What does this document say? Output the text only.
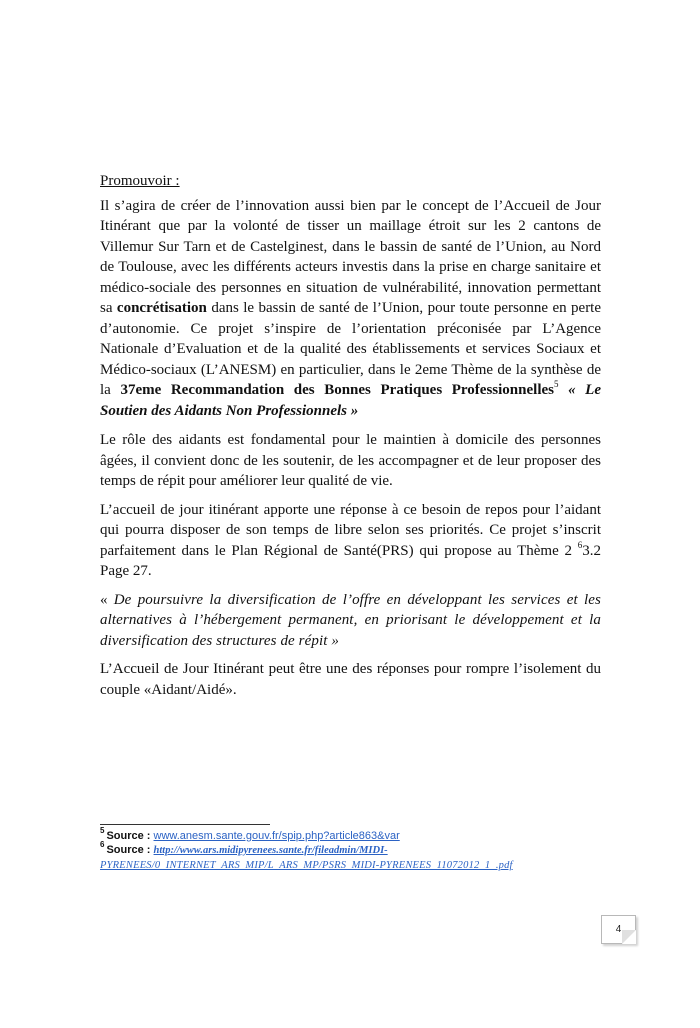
Promouvoir :

Il s’agira de créer de l’innovation aussi bien par le concept de l’Accueil de Jour Itinérant que par la volonté de tisser un maillage étroit sur les 2 cantons de Villemur Sur Tarn et de Castelginest, dans le bassin de santé de l’Union, au Nord de Toulouse, avec les différents acteurs investis dans la prise en charge sanitaire et médico-sociale des personnes en situation de vulnérabilité, innovation permettant sa concrétisation dans le bassin de santé de l’Union, pour toute personne en perte d’autonomie. Ce projet s’inspire de l’orientation préconisée par L’Agence Nationale d’Evaluation et de la qualité des établissements et services Sociaux et Médico-sociaux (L’ANESM) en particulier, dans le 2eme Thème de la synthèse de la 37eme Recommandation des Bonnes Pratiques Professionnelles$^5$ « Le Soutien des Aidants Non Professionnels »

Le rôle des aidants est fondamental pour le maintien à domicile des personnes âgées, il convient donc de les soutenir, de les accompagner et de leur proposer des temps de répit pour améliorer leur qualité de vie.

L’accueil de jour itinérant apporte une réponse à ce besoin de repos pour l’aidant qui pourra disposer de son temps de libre selon ses priorités. Ce projet s’inscrit parfaitement dans le Plan Régional de Santé(PRS) qui propose au Thème 2 $^6$3.2 Page 27.

« De poursuivre la diversification de l’offre en développant les services et les alternatives à l’hébergement permanent, en priorisant le développement et la diversification des structures de répit »

L’Accueil de Jour Itinérant peut être une des réponses pour rompre l’isolement du couple «Aidant/Aidé».

$^5$ Source : www.anesm.sante.gouv.fr/spip.php?article863&var
$^6$ Source : http://www.ars.midipyrenees.sante.fr/fileadmin/MIDI-
PYRENEES/0_INTERNET_ARS_MIP/L_ARS_MP/PSRS_MIDI-PYRENEES_11072012_1_.pdf
4
